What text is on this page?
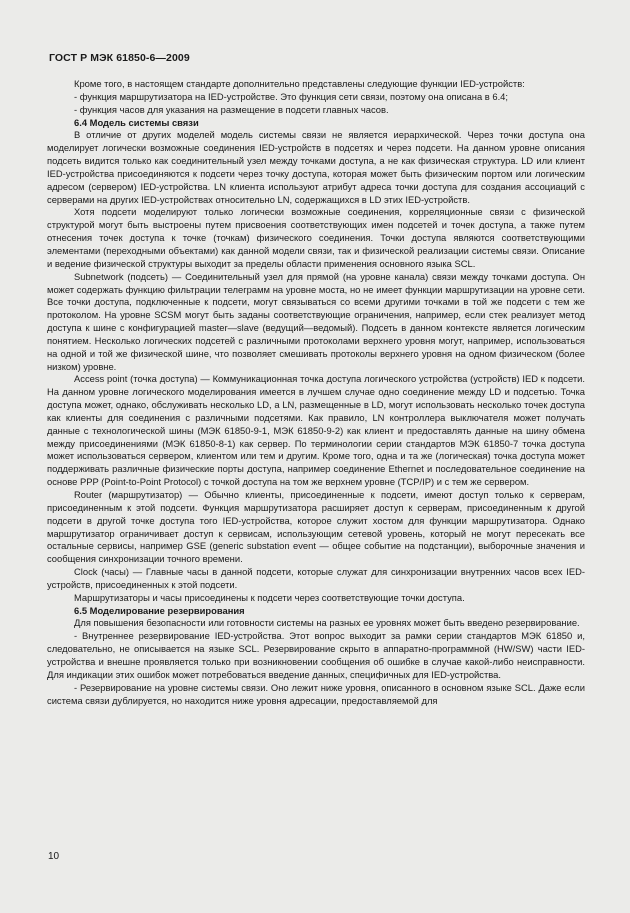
ГОСТ Р МЭК 61850-6—2009

Кроме того, в настоящем стандарте дополнительно представлены следующие функции IED-устройств:

- функция маршрутизатора на IED-устройстве. Это функция сети связи, поэтому она описана в 6.4;

- функция часов для указания на размещение в подсети главных часов.

6.4 Модель системы связи

В отличие от других моделей модель системы связи не является иерархической. Через точки доступа она моделирует логически возможные соединения IED-устройств в подсетях и через подсети. На данном уровне описания подсеть видится только как соединительный узел между точками доступа, а не как физическая структура. LD или клиент IED-устройства присоединяются к подсети через точку доступа, которая может быть физическим портом или логическим адресом (сервером) IED-устройства. LN клиента используют атрибут адреса точки доступа для создания ассоциаций с серверами на других IED-устройствах относительно LN, содержащихся в LD этих IED-устройств.

Хотя подсети моделируют только логически возможные соединения, корреляционные связи с физической структурой могут быть выстроены путем присвоения соответствующих имен подсетей и точек доступа, а также путем отнесения точек доступа к точке (точкам) физического соединения. Точки доступа являются соответствующими элементами (переходными объектами) как данной модели связи, так и физической реализации системы связи. Описание и ведение физической структуры выходит за пределы области применения основного языка SCL.

Subnetwork (подсеть) — Соединительный узел для прямой (на уровне канала) связи между точками доступа. Он может содержать функцию фильтрации телеграмм на уровне моста, но не имеет функции маршрутизации на уровне сети. Все точки доступа, подключенные к подсети, могут связываться со всеми другими точками в той же подсети с тем же протоколом. На уровне SCSM могут быть заданы соответствующие ограничения, например, если стек реализует метод доступа к шине с конфигурацией master—slave (ведущий—ведомый). Подсеть в данном контексте является логическим понятием. Несколько логических подсетей с различными протоколами верхнего уровня могут, например, использоваться на одной и той же физической шине, что позволяет смешивать протоколы верхнего уровня на одном физическом (более низком) уровне.

Access point (точка доступа) — Коммуникационная точка доступа логического устройства (устройств) IED к подсети. На данном уровне логического моделирования имеется в лучшем случае одно соединение между LD и подсетью. Точка доступа может, однако, обслуживать несколько LD, а LN, размещенные в LD, могут использовать несколько точек доступа как клиенты для соединения с различными подсетями. Как правило, LN контроллера выключателя может получать данные с технологической шины (МЭК 61850-9-1, МЭК 61850-9-2) как клиент и предоставлять данные на шину обмена между присоединениями (МЭК 61850-8-1) как сервер. По терминологии серии стандартов МЭК 61850-7 точка доступа может использоваться сервером, клиентом или тем и другим. Кроме того, одна и та же (логическая) точка доступа может поддерживать различные физические порты доступа, например соединение Ethernet и последовательное соединение на основе PPP (Point-to-Point Protocol) с точкой доступа на том же верхнем уровне (TCP/IP) и с тем же сервером.

Router (маршрутизатор) — Обычно клиенты, присоединенные к подсети, имеют доступ только к серверам, присоединенным к этой подсети. Функция маршрутизатора расширяет доступ к серверам, присоединенным к другой подсети в другой точке доступа того IED-устройства, которое служит хостом для функции маршрутизатора. Однако маршрутизатор ограничивает доступ к сервисам, использующим сетевой уровень, который не могут пересекать все остальные сервисы, например GSE (generic substation event — общее событие на подстанции), выборочные значения и сообщения синхронизации точного времени.

Clock (часы) — Главные часы в данной подсети, которые служат для синхронизации внутренних часов всех IED-устройств, присоединенных к этой подсети.

Маршрутизаторы и часы присоединены к подсети через соответствующие точки доступа.

6.5 Моделирование резервирования

Для повышения безопасности или готовности системы на разных ее уровнях может быть введено резервирование.

- Внутреннее резервирование IED-устройства. Этот вопрос выходит за рамки серии стандартов МЭК 61850 и, следовательно, не описывается на языке SCL. Резервирование скрыто в аппаратно-программной (HW/SW) части IED-устройства и внешне проявляется только при возникновении сообщения об ошибке в случае какой-либо неисправности. Для индикации этих ошибок может потребоваться введение данных, специфичных для IED-устройства.

- Резервирование на уровне системы связи. Оно лежит ниже уровня, описанного в основном языке SCL. Даже если система связи дублируется, но находится ниже уровня адресации, предоставляемой для

10
